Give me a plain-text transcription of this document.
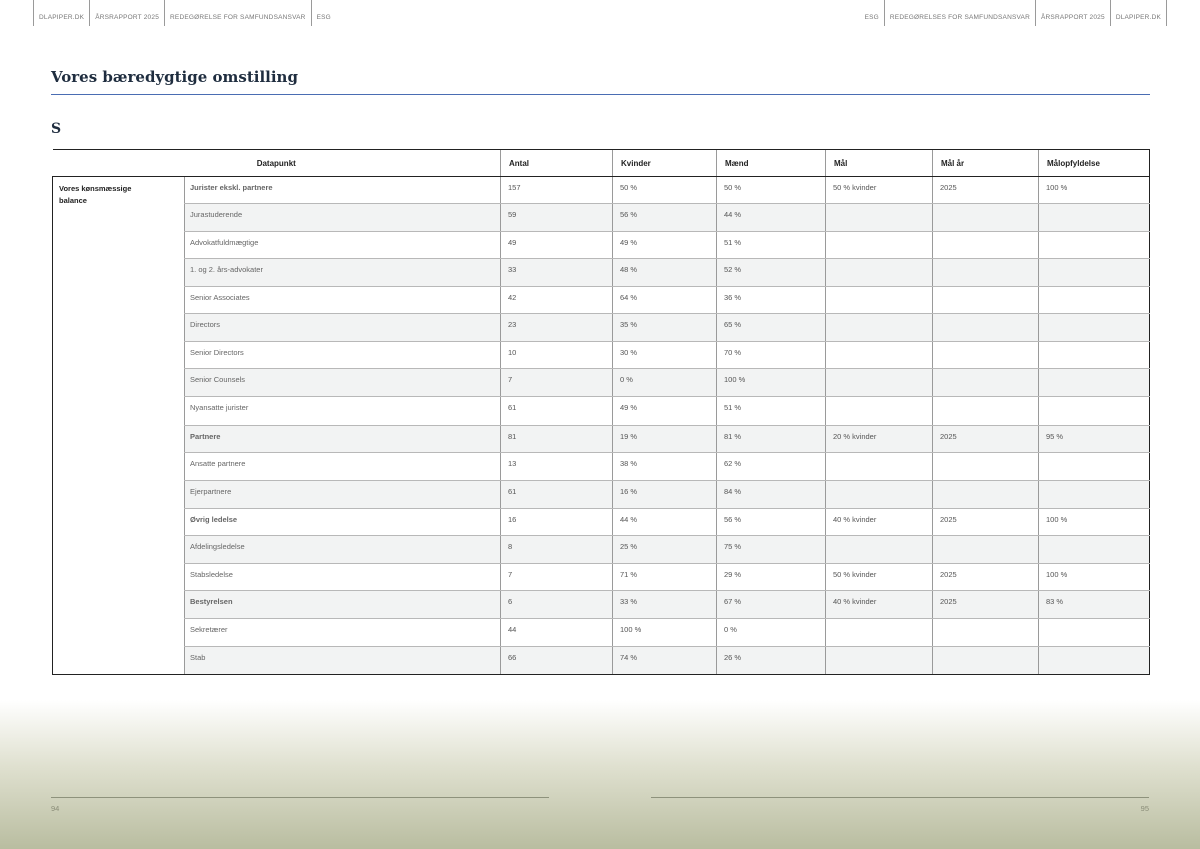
DLAPIPER.DK	ÅRSRAPPORT 2025	REDEGØRELSE FOR SAMFUNDSANSVAR	ESG	ESG	REDEGØRELSES FOR SAMFUNDSANSVAR	ÅRSRAPPORT 2025	DLAPIPER.DK
Vores bæredygtige omstilling
S
Datapunkt		Antal	Kvinder	Mænd	Mål	Mål år	Målopfyldelse

Vores kønsmæssige balance	Jurister ekskl. partnere	157	50 %	50 %	50 % kvinder	2025	100 %
	Jurastuderende	59	56 %	44 %			
	Advokatfuldmægtige	49	49 %	51 %			
	1. og 2. års-advokater	33	48 %	52 %			
	Senior Associates	42	64 %	36 %			
	Directors	23	35 %	65 %			
	Senior Directors	10	30 %	70 %			
	Senior Counsels	7	0 %	100 %			
	Nyansatte jurister	61	49 %	51 %			
	Partnere	81	19 %	81 %	20 % kvinder	2025	95 %
	Ansatte partnere	13	38 %	62 %			
	Ejerpartnere	61	16 %	84 %			
	Øvrig ledelse	16	44 %	56 %	40 % kvinder	2025	100 %
	Afdelingsledelse	8	25 %	75 %			
	Stabsledelse	7	71 %	29 %	50 % kvinder	2025	100 %
	Bestyrelsen	6	33 %	67 %	40 % kvinder	2025	83 %
	Sekretærer	44	100 %	0 %			
	Stab	66	74 %	26 %			
94	95
